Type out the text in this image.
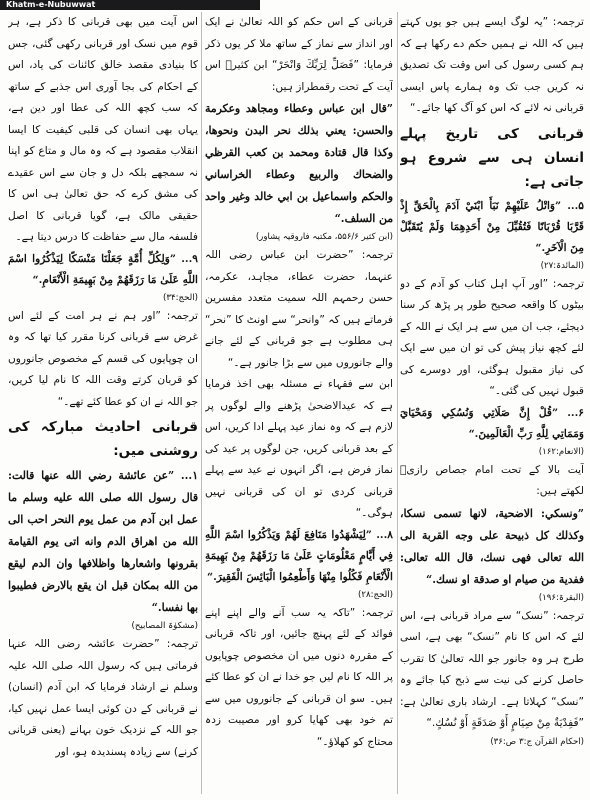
Khatm-e-Nubuwwat
ترجمہ: ”یہ لوگ ایسے ہیں جو یوں کہتے ہیں کہ اللہ نے ہمیں حکم دے رکھا ہے کہ ہم کسی رسول کی اس وقت تک تصدیق نہ کریں جب تک وہ ہمارے پاس ایسی قربانی نہ لائے کہ اس کو آگ کھا جائے۔“
قربانی کی تاریخ پہلے انسان ہی سے شروع ہو جاتی ہے:
۵... ”وَاتْلُ عَلَيْهِمْ نَبَأَ ابْنَيْ آدَمَ بِالْحَقِّ إِذْ قَرَّبَا قُرْبَانًا فَتُقُبِّلَ مِنْ أَحَدِهِمَا وَلَمْ يُتَقَبَّلْ مِنَ الْآخَرِ.“
(المائدۃ:۲۷)
ترجمہ: ”اور آپ اہل کتاب کو آدم کے دو بیٹوں کا واقعہ صحیح طور پر پڑھ کر سنا دیجئے، جب ان میں سے ہر ایک نے اللہ کے لئے کچھ نیاز پیش کی تو ان میں سے ایک کی نیاز مقبول ہوگئی، اور دوسرے کی قبول نہیں کی گئی۔“
۶... ”قُلْ إِنَّ صَلَاتِي وَنُسُكِي وَمَحْيَايَ وَمَمَاتِي لِلَّهِ رَبِّ الْعَالَمِينَ.“
(الانعام:۱۶۲)
آیت بالا کے تحت امام جصاص رازیؒ لکھتے ہیں:
”ونسكي: الاضحية، لانها تسمى نسكا، وكذلك كل ذبيحة على وجه القربة الى الله تعالى فهى نسك، قال الله تعالى: ففدية من صيام او صدقة او نسك.“
(البقرۃ:۱۹۶)
ترجمہ: ”نسک“ سے مراد قربانی ہے، اس لئے کہ اس کا نام ”نسک“ بھی ہے، اسی طرح ہر وہ جانور جو اللہ تعالیٰ کا تقرب حاصل کرنے کی نیت سے ذبح کیا جائے وہ ”نسک“ کہلاتا ہے۔ ارشاد باری تعالیٰ ہے: ”فَفِدْيَةٌ مِنْ صِيَامٍ أَوْ صَدَقَةٍ أَوْ نُسُكٍ.“
(احکام القرآن ج:۳ ص:۳۶)
قربانی کے اس حکم کو اللہ تعالیٰ نے ایک اور انداز سے نماز کے ساتھ ملا کر یوں ذکر فرمایا: ”فَصَلِّ لِرَبِّكَ وَانْحَرْ“ ابن کثیرؒ اس آیت کے تحت رقمطراز ہیں:
”قال ابن عباس وعطاء ومجاهد وعكرمة والحسن: يعني بذلك نحر البدن ونحوها، وكذا قال قتادة ومحمد بن كعب القرظي والضحاك والربيع وعطاء الخراساني والحكم واسماعيل بن ابي خالد وغير واحد من السلف.“
(ابن کثیر ۵۵۶/۶، مکتبہ فاروقیہ پشاور)
ترجمہ: ”حضرت ابن عباس رضی اللہ عنہما، حضرت عطاء، مجاہد، عکرمہ، حسن رحمہم اللہ سمیت متعدد مفسرین فرماتے ہیں کہ ”وانحر“ سے اونٹ کا ”نحر“ ہی مطلوب ہے جو قربانی کے لئے جانے والے جانوروں میں سے بڑا جانور ہے۔“
ابن سے فقہاء نے مسئلہ بھی اخذ فرمایا ہے کہ عیدالاضحیٰ پڑھنے والے لوگوں پر لازم ہے کہ وہ نماز عید پہلے ادا کریں، اس کے بعد قربانی کریں، جن لوگوں پر عید کی نماز فرض ہے، اگر انہوں نے عید سے پہلے قربانی کردی تو ان کی قربانی نہیں ہوگی۔“
۸... ”لِيَشْهَدُوا مَنَافِعَ لَهُمْ وَيَذْكُرُوا اسْمَ اللَّهِ فِي أَيَّامٍ مَعْلُومَاتٍ عَلَىٰ مَا رَزَقَهُمْ مِنْ بَهِيمَةِ الْأَنْعَامِ فَكُلُوا مِنْهَا وَأَطْعِمُوا الْبَائِسَ الْفَقِيرَ.“
(الحج:۲۸)
ترجمہ: ”تاکہ یہ سب آنے والے اپنے اپنے فوائد کے لئے پہنچ جائیں، اور تاکہ قربانی کے مقررہ دنوں میں ان مخصوص چوپایوں پر اللہ کا نام لیں جو خدا نے ان کو عطا کئے ہیں۔ سو ان قربانی کے جانوروں میں سے تم خود بھی کھایا کرو اور مصیبت زدہ محتاج کو کھلاؤ۔“
اس آیت میں بھی قربانی کا ذکر ہے، ہر قوم میں نسک اور قربانی رکھی گئی، جس کا بنیادی مقصد خالق کائنات کی یاد، اس کے احکام کی بجا آوری اس جذبے کے ساتھ کہ سب کچھ اللہ کی عطا اور دین ہے، یہاں بھی انسان کی قلبی کیفیت کا ایسا انقلاب مقصود ہے کہ وہ مال و متاع کو اپنا نہ سمجھے بلکہ دل و جان سے اس عقیدے کی مشق کرے کہ حق تعالیٰ ہی اس کا حقیقی مالک ہے، گویا قربانی کا اصل فلسفہ مال سے حفاظت کا درس دیتا ہے۔
۹... ”وَلِكُلِّ أُمَّةٍ جَعَلْنَا مَنْسَكًا لِيَذْكُرُوا اسْمَ اللَّهِ عَلَىٰ مَا رَزَقَهُمْ مِنْ بَهِيمَةِ الْأَنْعَامِ.“
(الحج:۳۴)
ترجمہ: ”اور ہم نے ہر امت کے لئے اس غرض سے قربانی کرنا مقرر کیا تھا کہ وہ ان چوپایوں کی قسم کے مخصوص جانوروں کو قربان کرتے وقت اللہ کا نام لیا کریں، جو اللہ نے ان کو عطا کئے تھے۔“
قربانی احادیث مبارکہ کی روشنی میں:
۱... ”عن عائشة رضي الله عنها قالت: قال رسول الله صلى الله عليه وسلم ما عمل ابن آدم من عمل يوم النحر احب الى الله من اهراق الدم وانه اتى يوم القيامة بقرونها واشعارها واظلافها وان الدم ليقع من الله بمكان قبل ان يقع بالارض فطيبوا بها نفسا.“
(مشکوٰۃ المصابیح)
ترجمہ: ”حضرت عائشہ رضی اللہ عنہا فرماتی ہیں کہ رسول اللہ صلی اللہ علیہ وسلم نے ارشاد فرمایا کہ ابن آدم (انسان) نے قربانی کے دن کوئی ایسا عمل نہیں کیا، جو اللہ کے نزدیک خون بہانے (یعنی قربانی کرنے) سے زیادہ پسندیدہ ہو، اور
